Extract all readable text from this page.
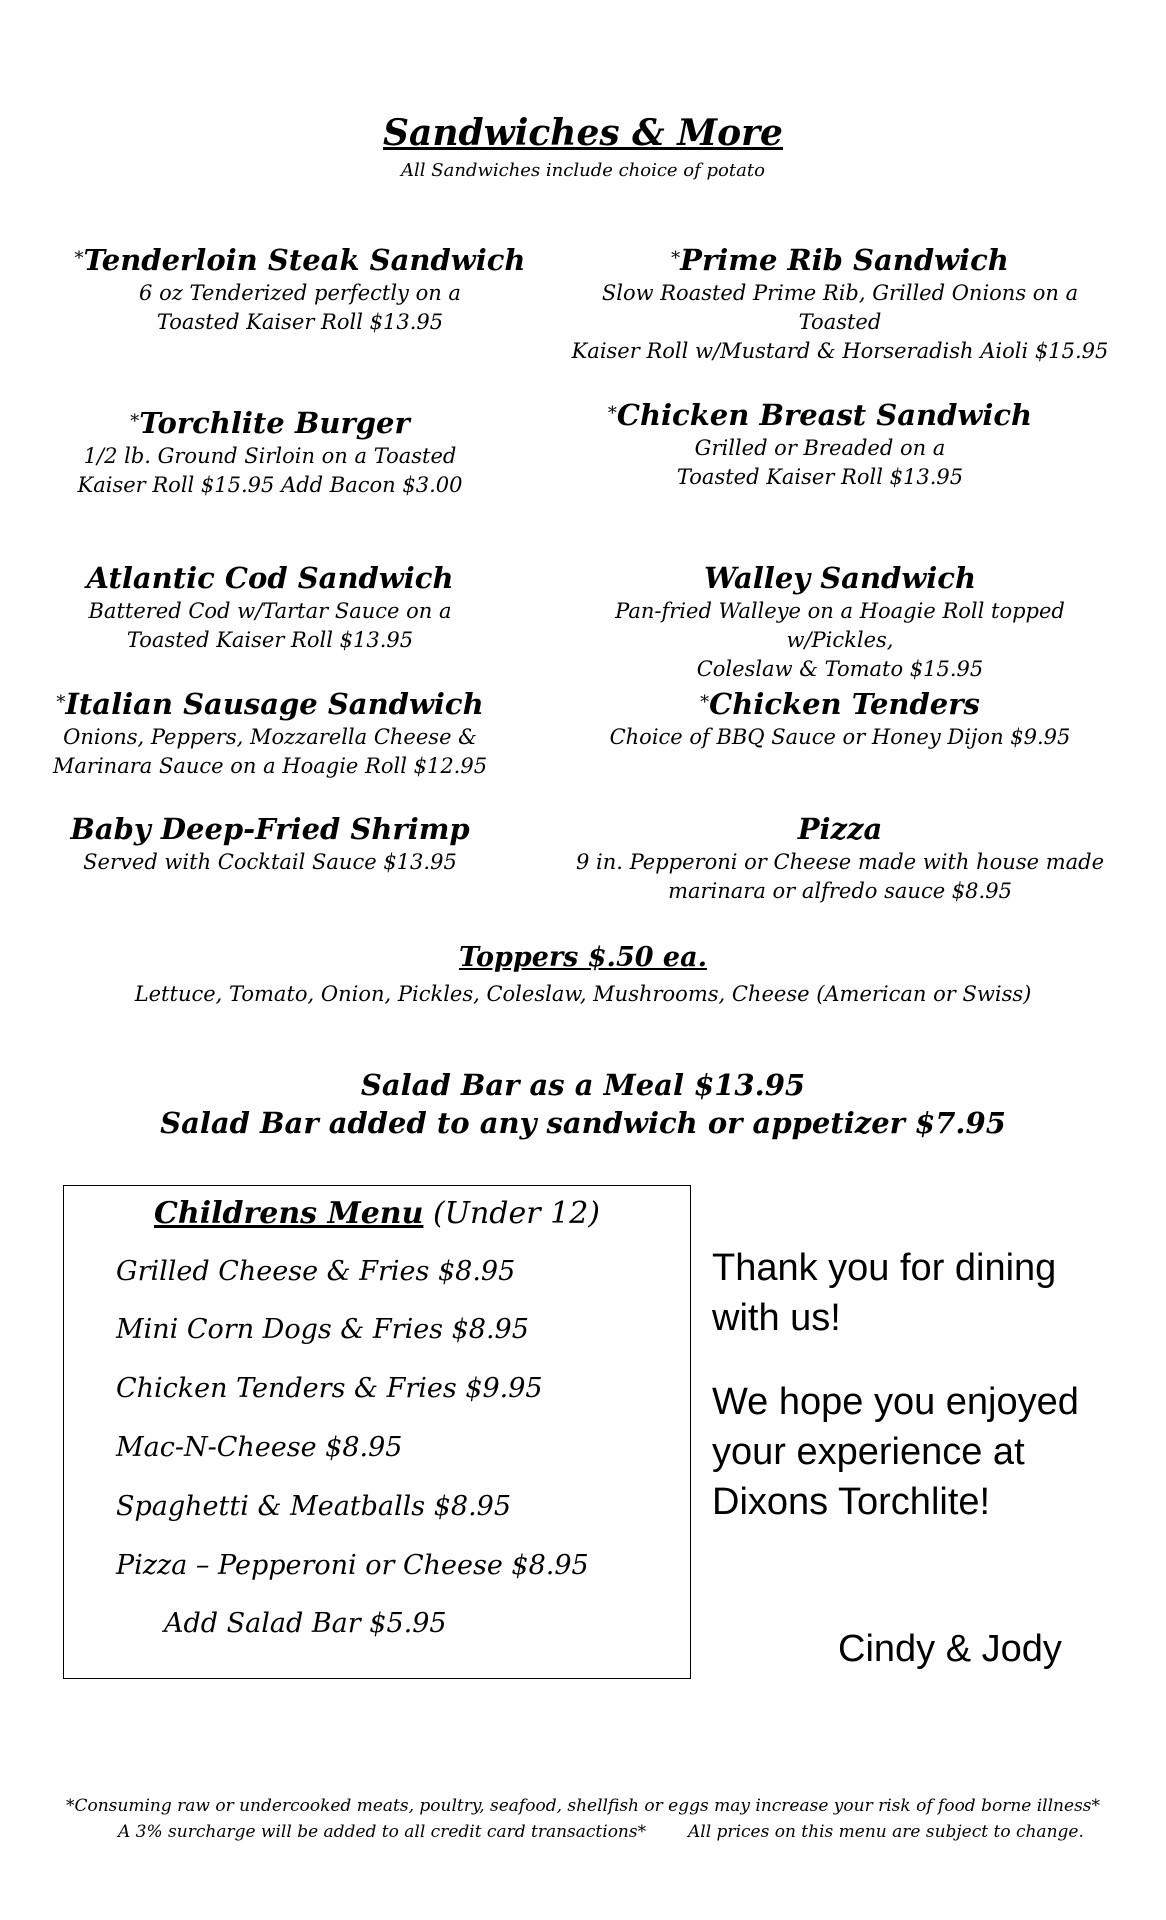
Sandwiches & More
All Sandwiches include choice of potato
*Tenderloin Steak Sandwich
6 oz Tenderized perfectly on a
Toasted Kaiser Roll $13.95
*Prime Rib Sandwich
Slow Roasted Prime Rib, Grilled Onions on a Toasted
Kaiser Roll w/Mustard & Horseradish Aioli $15.95
*Torchlite Burger
1/2 lb. Ground Sirloin on a Toasted
Kaiser Roll $15.95 Add Bacon $3.00
*Chicken Breast Sandwich
Grilled or Breaded on a
Toasted Kaiser Roll $13.95
Atlantic Cod Sandwich
Battered Cod w/Tartar Sauce on a
Toasted Kaiser Roll $13.95
Walley Sandwich
Pan-fried Walleye on a Hoagie Roll topped w/Pickles,
Coleslaw & Tomato $15.95
*Italian Sausage Sandwich
Onions, Peppers, Mozzarella Cheese &
Marinara Sauce on a Hoagie Roll $12.95
*Chicken Tenders
Choice of BBQ Sauce or Honey Dijon $9.95
Baby Deep-Fried Shrimp
Served with Cocktail Sauce $13.95
Pizza
9 in. Pepperoni or Cheese made with house made
marinara or alfredo sauce $8.95
Toppers $.50 ea.
Lettuce, Tomato, Onion, Pickles, Coleslaw, Mushrooms, Cheese (American or Swiss)
Salad Bar as a Meal $13.95
Salad Bar added to any sandwich or appetizer $7.95
Childrens Menu (Under 12)
Grilled Cheese & Fries $8.95
Mini Corn Dogs & Fries $8.95
Chicken Tenders & Fries $9.95
Mac-N-Cheese $8.95
Spaghetti & Meatballs $8.95
Pizza – Pepperoni or Cheese $8.95
Add Salad Bar $5.95
Thank you for dining with us!
We hope you enjoyed your experience at Dixons Torchlite!
Cindy & Jody
*Consuming raw or undercooked meats, poultry, seafood, shellfish or eggs may increase your risk of food borne illness*
A 3% surcharge will be added to all credit card transactions* All prices on this menu are subject to change.
